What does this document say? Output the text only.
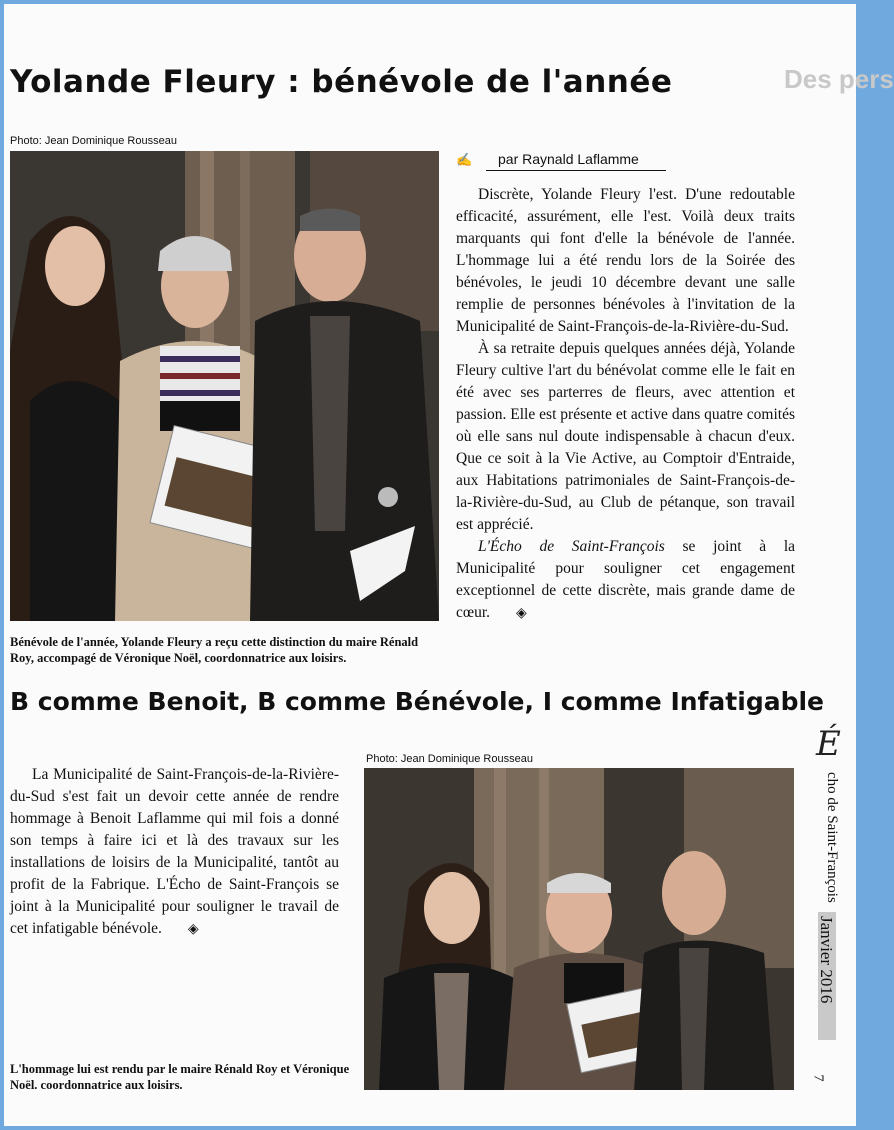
Des pers
Yolande Fleury : bénévole de l'année
Photo: Jean Dominique Rousseau
Bénévole de l'année, Yolande Fleury a reçu cette distinction du maire Rénald Roy, accompagé de Véronique Noël, coordonnatrice aux loisirs.
✍ par Raynald Laflamme

Discrète, Yolande Fleury l'est. D'une redoutable efficacité, assurément, elle l'est. Voilà deux traits marquants qui font d'elle la bénévole de l'année. L'hommage lui a été rendu lors de la Soirée des bénévoles, le jeudi 10 décembre devant une salle remplie de personnes bénévoles à l'invitation de la Municipalité de Saint-François-de-la-Rivière-du-Sud.

À sa retraite depuis quelques années déjà, Yolande Fleury cultive l'art du bénévolat comme elle le fait en été avec ses parterres de fleurs, avec attention et passion. Elle est présente et active dans quatre comités où elle sans nul doute indispensable à chacun d'eux. Que ce soit à la Vie Active, au Comptoir d'Entraide, aux Habitations patrimoniales de Saint-François-de-la-Rivière-du-Sud, au Club de pétanque, son travail est apprécié.

L'Écho de Saint-François se joint à la Municipalité pour souligner cet engagement exceptionnel de cette discrète, mais grande dame de cœur. ◈

B comme Benoit, B comme Bénévole, I comme Infatigable

La Municipalité de Saint-François-de-la-Rivière-du-Sud s'est fait un devoir cette année de rendre hommage à Benoit Laflamme qui mil fois a donné son temps à faire ici et là des travaux sur les installations de loisirs de la Municipalité, tantôt au profit de la Fabrique. L'Écho de Saint-François se joint à la Municipalité pour souligner le travail de cet infatigable bénévole. ◈

Photo: Jean Dominique Rousseau
L'hommage lui est rendu par le maire Rénald Roy et Véronique Noël. coordonnatrice aux loisirs.
É
cho de Saint-François
Janvier 2016
7
